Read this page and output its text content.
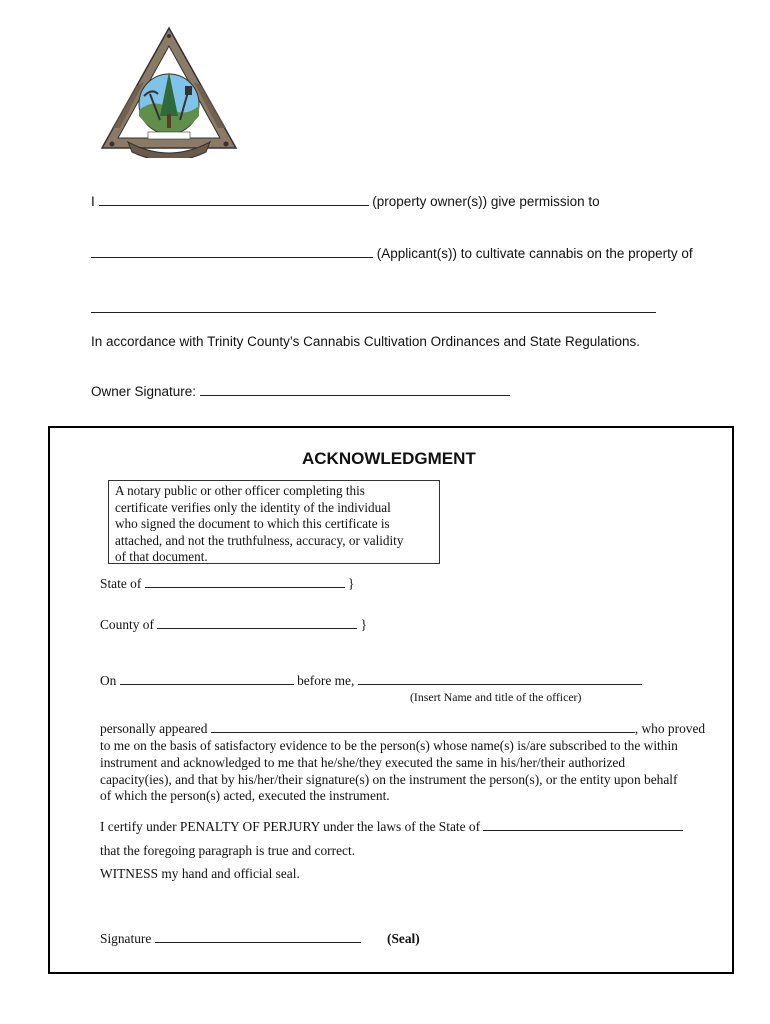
I	(property owner(s)) give permission to
(Applicant(s)) to cultivate cannabis on the property of
In accordance with Trinity County’s Cannabis Cultivation Ordinances and State Regulations.
Owner Signature:
ACKNOWLEDGMENT
A notary public or other officer completing this
certificate verifies only the identity of the individual
who signed the document to which this certificate is
attached, and not the truthfulness, accuracy, or validity
of that document.
State of	}
County of	}
On	before me,
(Insert Name and title of the officer)
personally appeared	, who proved
to me on the basis of satisfactory evidence to be the person(s) whose name(s) is/are subscribed to the within
instrument and acknowledged to me that he/she/they executed the same in his/her/their authorized
capacity(ies), and that by his/her/their signature(s) on the instrument the person(s), or the entity upon behalf
of which the person(s) acted, executed the instrument.
I certify under PENALTY OF PERJURY under the laws of the State of
that the foregoing paragraph is true and correct.
WITNESS my hand and official seal.
Signature	(Seal)
